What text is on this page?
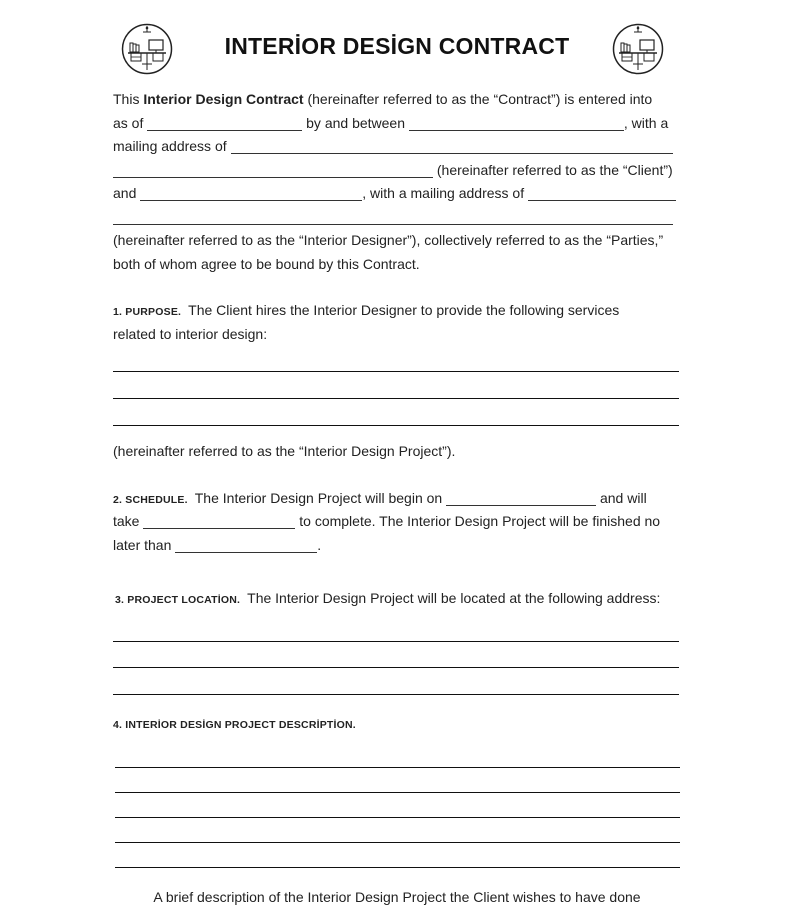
INTERİOR DESİGN CONTRACT
This Interior Design Contract (hereinafter referred to as the “Contract”) is entered into
as of	by and between	, with a
mailing address of
(hereinafter referred to as the “Client”)
and	, with a mailing address of
(hereinafter referred to as the “Interior Designer”), collectively referred to as the “Parties,”
both of whom agree to be bound by this Contract.
1. PURPOSE. The Client hires the Interior Designer to provide the following services
related to interior design:
(hereinafter referred to as the “Interior Design Project”).
2. SCHEDULE. The Interior Design Project will begin on	and will
take	to complete. The Interior Design Project will be finished no
later than	.
3. PROJECT LOCATİON. The Interior Design Project will be located at the following address:
4. INTERİOR DESİGN PROJECT DESCRİPTİON.
A brief description of the Interior Design Project the Client wishes to have done
